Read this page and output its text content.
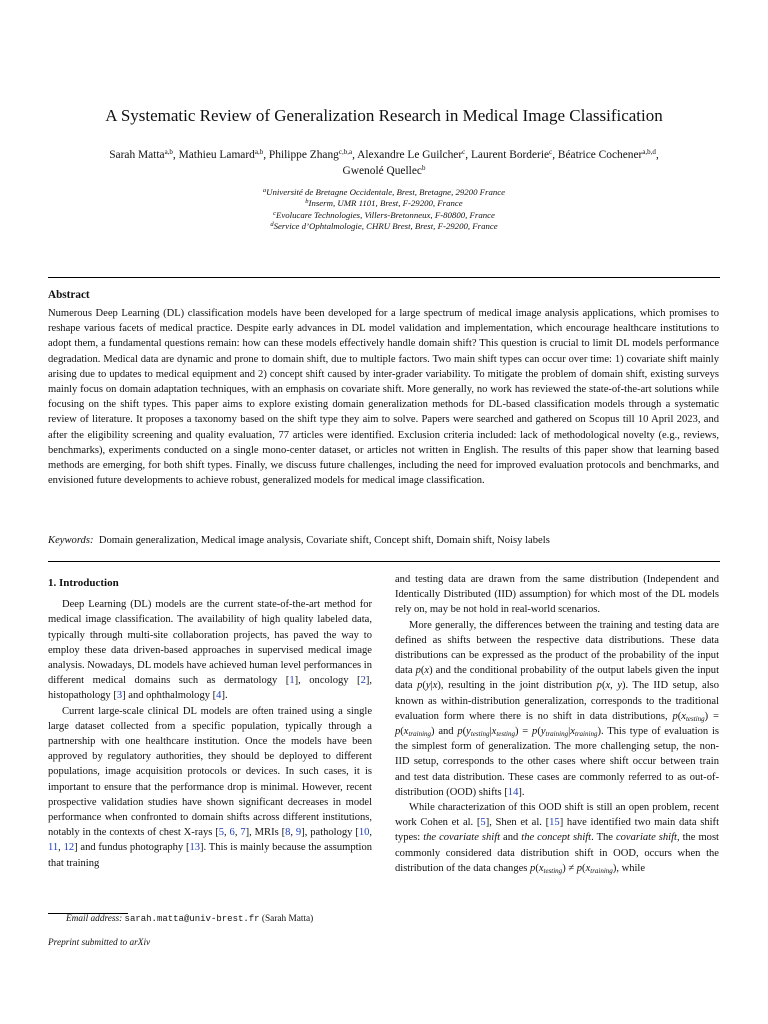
A Systematic Review of Generalization Research in Medical Image Classification
Sarah Matta$^{a,b}$, Mathieu Lamard$^{a,b}$, Philippe Zhang$^{c,b,a}$, Alexandre Le Guilcher$^c$, Laurent Borderie$^c$, Béatrice Cochener$^{a,b,d}$,
Gwenolé Quellec$^b$
$^a$Université de Bretagne Occidentale, Brest, Bretagne, 29200 France
$^b$Inserm, UMR 1101, Brest, F-29200, France
$^c$Evolucare Technologies, Villers-Bretonneux, F-80800, France
$^d$Service d’Ophtalmologie, CHRU Brest, Brest, F-29200, France
Abstract
Numerous Deep Learning (DL) classification models have been developed for a large spectrum of medical image analysis applications, which promises to reshape various facets of medical practice. Despite early advances in DL model validation and implementation, which encourage healthcare institutions to adopt them, a fundamental questions remain: how can these models effectively handle domain shift? This question is crucial to limit DL models performance degradation. Medical data are dynamic and prone to domain shift, due to multiple factors. Two main shift types can occur over time: 1) covariate shift mainly arising due to updates to medical equipment and 2) concept shift caused by inter-grader variability. To mitigate the problem of domain shift, existing surveys mainly focus on domain adaptation techniques, with an emphasis on covariate shift. More generally, no work has reviewed the state-of-the-art solutions while focusing on the shift types. This paper aims to explore existing domain generalization methods for DL-based classification models through a systematic review of literature. It proposes a taxonomy based on the shift type they aim to solve. Papers were searched and gathered on Scopus till 10 April 2023, and after the eligibility screening and quality evaluation, 77 articles were identified. Exclusion criteria included: lack of methodological novelty (e.g., reviews, benchmarks), experiments conducted on a single mono-center dataset, or articles not written in English. The results of this paper show that learning based methods are emerging, for both shift types. Finally, we discuss future challenges, including the need for improved evaluation protocols and benchmarks, and envisioned future developments to achieve robust, generalized models for medical image classification.
Keywords: Domain generalization, Medical image analysis, Covariate shift, Concept shift, Domain shift, Noisy labels
1. Introduction

Deep Learning (DL) models are the current state-of-the-art method for medical image classification. The availability of high quality labeled data, typically through multi-site collaboration projects, has paved the way to employ these data driven-based approaches in supervised medical image analysis. Nowadays, DL models have achieved human level performances in different medical domains such as dermatology [1], oncology [2], histopathology [3] and ophthalmology [4].

Current large-scale clinical DL models are often trained using a single large dataset collected from a specific population, typically through a partnership with one healthcare institution. Once the models have been approved by regulatory authorities, they should be deployed to different populations, image acquisition protocols or devices. In such cases, it is important to ensure that the performance drop is minimal. However, recent prospective validation studies have shown significant decreases in model performance when confronted to domain shifts across different institutions, notably in the contexts of chest X-rays [5, 6, 7], MRIs [8, 9], pathology [10, 11, 12] and fundus photography [13]. This is mainly because the assumption that training

and testing data are drawn from the same distribution (Independent and Identically Distributed (IID) assumption) for which most of the DL models rely on, may be not hold in real-world scenarios.

More generally, the differences between the training and testing data are defined as shifts between the respective data distributions. These data distributions can be expressed as the product of the probability of the input data p(x) and the conditional probability of the output labels given the input data p(y|x), resulting in the joint distribution p(x, y). The IID setup, also known as within-distribution generalization, corresponds to the traditional evaluation form where there is no shift in data distributions, $p(x_{testing}) = p(x_{training})$ and $p(y_{testing}|x_{testing}) = p(y_{training}|x_{training})$. This type of evaluation is the simplest form of generalization. The more challenging setup, the non-IID setup, corresponds to the other cases where shift occur between train and test data distribution. These cases are commonly referred to as out-of-distribution (OOD) shifts [14].

While characterization of this OOD shift is still an open problem, recent work Cohen et al. [5], Shen et al. [15] have identified two main data shift types: the covariate shift and the concept shift. The covariate shift, the most commonly considered data distribution shift in OOD, occurs when the distribution of the data changes $p(x_{testing}) \ne p(x_{training})$, while

Email address: sarah.matta@univ-brest.fr (Sarah Matta)
Preprint submitted to arXiv
